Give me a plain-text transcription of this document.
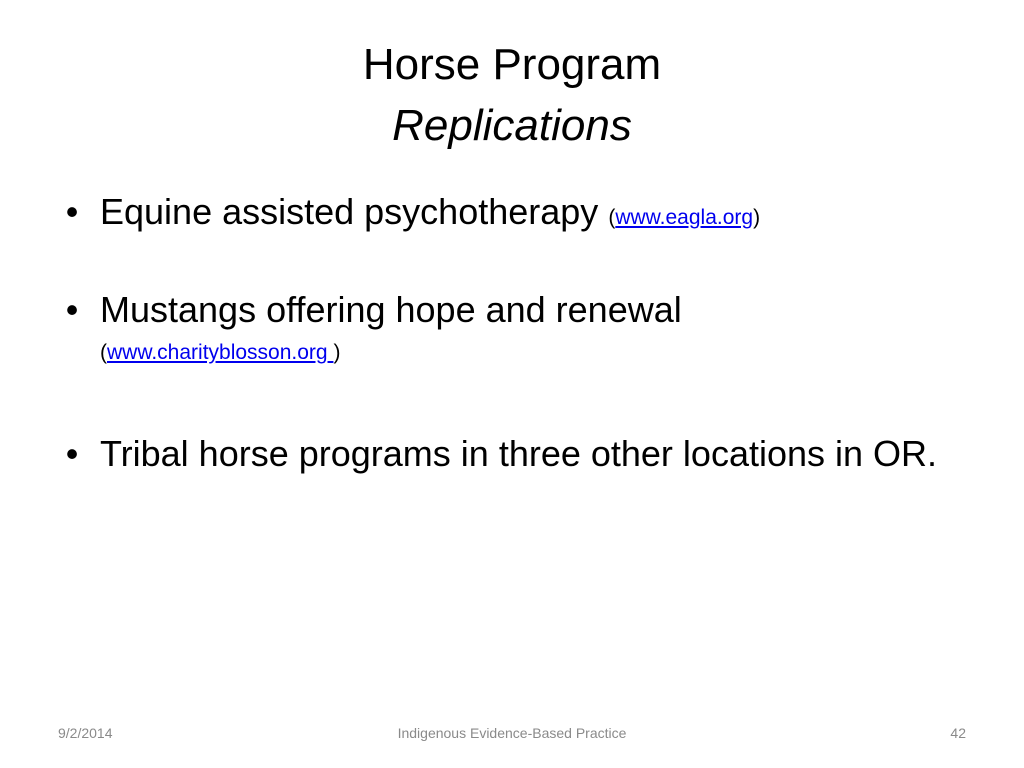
Horse Program
Replications
• Equine assisted psychotherapy (www.eagla.org)
• Mustangs offering hope and renewal
(www.charityblosson.org )
• Tribal horse programs in three other locations in OR.
9/2/2014	Indigenous Evidence-Based Practice	42
